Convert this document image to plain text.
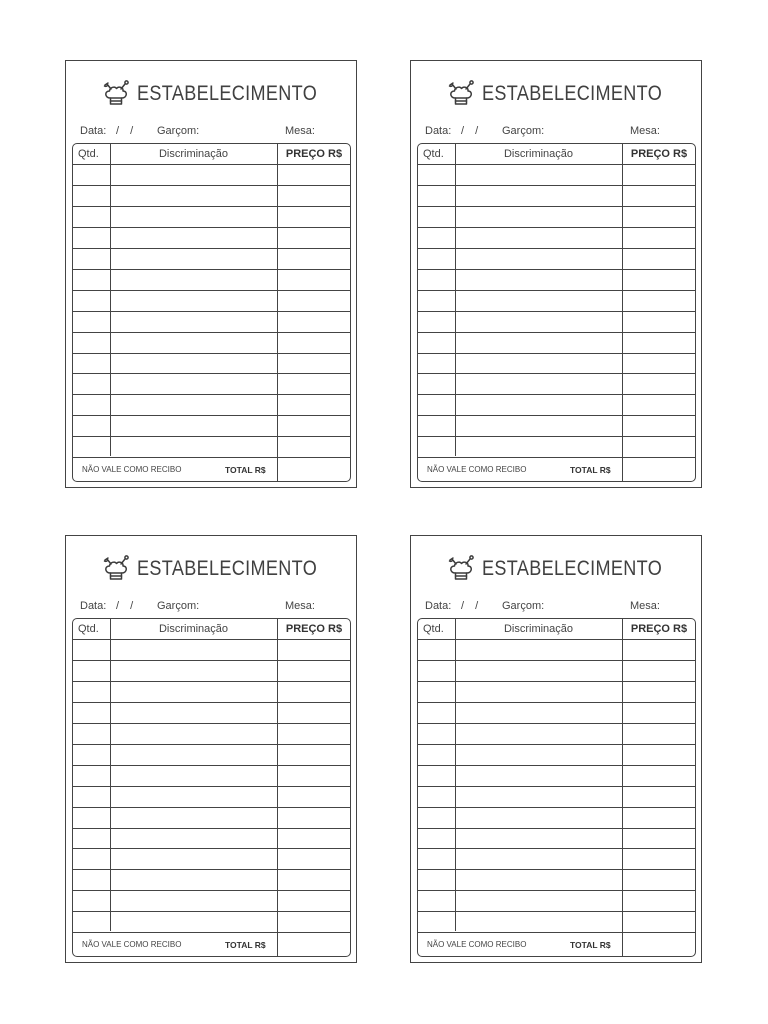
ESTABELECIMENTO
Data: / / Garçom:	Mesa:
Qtd.	Discriminação	PREÇO R$
NÃO VALE COMO RECIBO	TOTAL R$
ESTABELECIMENTO
Data: / / Garçom:	Mesa:
Qtd.	Discriminação	PREÇO R$
NÃO VALE COMO RECIBO	TOTAL R$
ESTABELECIMENTO
Data: / / Garçom:	Mesa:
Qtd.	Discriminação	PREÇO R$
NÃO VALE COMO RECIBO	TOTAL R$
ESTABELECIMENTO
Data: / / Garçom:	Mesa:
Qtd.	Discriminação	PREÇO R$
NÃO VALE COMO RECIBO	TOTAL R$
